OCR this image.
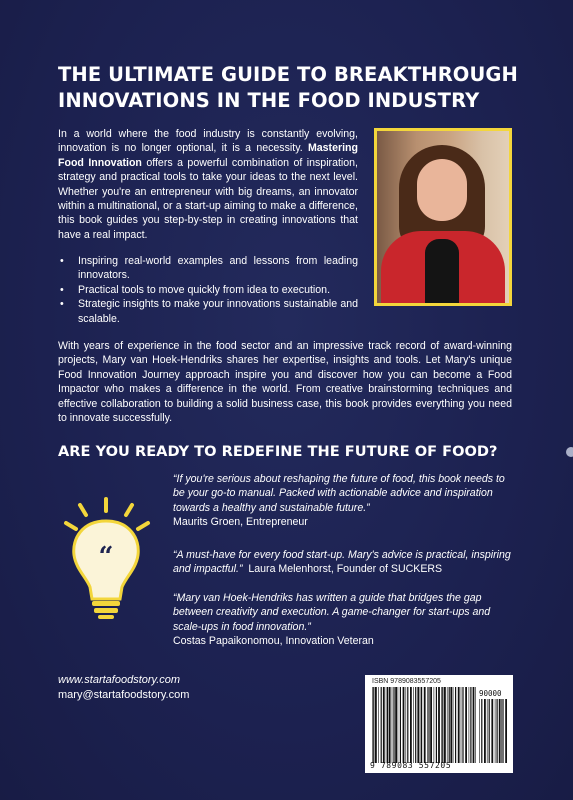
THE ULTIMATE GUIDE TO BREAKTHROUGH
INNOVATIONS IN THE FOOD INDUSTRY

In a world where the food industry is constantly evolving, innovation is no longer optional, it is a necessity. Mastering Food Innovation offers a powerful combination of inspiration, strategy and practical tools to take your ideas to the next level. Whether you're an entrepreneur with big dreams, an innovator within a multinational, or a start-up aiming to make a difference, this book guides you step-by-step in creating innovations that have a real impact.

• Inspiring real-world examples and lessons from leading innovators.
• Practical tools to move quickly from idea to execution.
• Strategic insights to make your innovations sustainable and scalable.

With years of experience in the food sector and an impressive track record of award-winning projects, Mary van Hoek-Hendriks shares her expertise, insights and tools. Let Mary's unique Food Innovation Journey approach inspire you and discover how you can become a Food Impactor who makes a difference in the world. From creative brainstorming techniques and effective collaboration to building a solid business case, this book provides everything you need to innovate successfully.

ARE YOU READY TO REDEFINE THE FUTURE OF FOOD?
“

“If you're serious about reshaping the future of food, this book needs to be your go-to manual. Packed with actionable advice and inspiration towards a healthy and sustainable future.”
Maurits Groen, Entrepreneur

“A must-have for every food start-up. Mary's advice is practical, inspiring and impactful.” Laura Melenhorst, Founder of SUCKERS

“Mary van Hoek-Hendriks has written a guide that bridges the gap between creativity and execution. A game-changer for start-ups and scale-ups in food innovation.”
Costas Papaikonomou, Innovation Veteran

www.startafoodstory.com
mary@startafoodstory.com
ISBN 9789083557205
90000
9 789083 557205
